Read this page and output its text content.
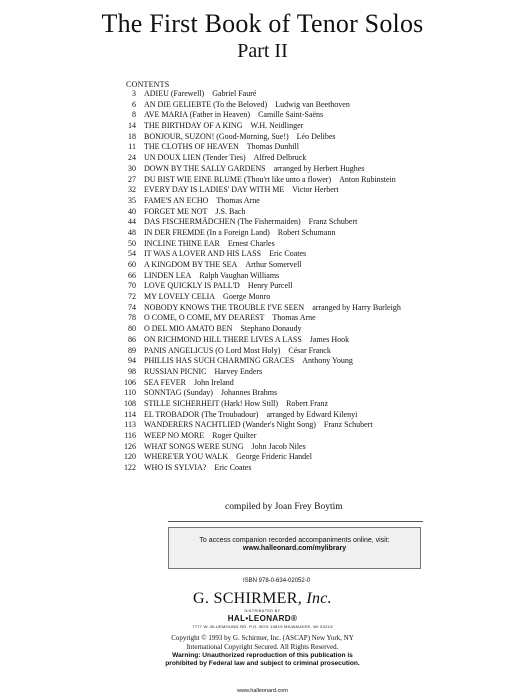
The First Book of Tenor Solos
Part II
CONTENTS
3	ADIEU (Farewell) Gabriel Fauré
6	AN DIE GELIEBTE (To the Beloved) Ludwig van Beethoven
8	AVE MARIA (Father in Heaven) Camille Saint-Saëns
14	THE BIRTHDAY OF A KING W.H. Neidlinger
18	BONJOUR, SUZON! (Good-Morning, Sue!) Léo Delibes
11	THE CLOTHS OF HEAVEN Thomas Dunhill
24	UN DOUX LIEN (Tender Ties) Alfred Delbruck
30	DOWN BY THE SALLY GARDENS arranged by Herbert Hughes
27	DU BIST WIE EINE BLUME (Thou'rt like unto a flower) Anton Rubinstein
32	EVERY DAY IS LADIES' DAY WITH ME Victor Herbert
35	FAME'S AN ECHO Thomas Arne
40	FORGET ME NOT J.S. Bach
44	DAS FISCHERMÄDCHEN (The Fishermaiden) Franz Schubert
48	IN DER FREMDE (In a Foreign Land) Robert Schumann
50	INCLINE THINE EAR Ernest Charles
54	IT WAS A LOVER AND HIS LASS Eric Coates
60	A KINGDOM BY THE SEA Arthur Somervell
66	LINDEN LEA Ralph Vaughan Williams
70	LOVE QUICKLY IS PALL'D Henry Purcell
72	MY LOVELY CELIA Goerge Monro
74	NOBODY KNOWS THE TROUBLE I'VE SEEN arranged by Harry Burleigh
78	O COME, O COME, MY DEAREST Thomas Arne
80	O DEL MIO AMATO BEN Stephano Donaudy
86	ON RICHMOND HILL THERE LIVES A LASS James Hook
89	PANIS ANGELICUS (O Lord Most Holy) César Franck
94	PHILLIS HAS SUCH CHARMING GRACES Anthony Young
98	RUSSIAN PICNIC Harvey Enders
106	SEA FEVER John Ireland
110	SONNTAG (Sunday) Johannes Brahms
108	STILLE SICHERHEIT (Hark! How Still) Robert Franz
114	EL TROBADOR (The Troubadour) arranged by Edward Kilenyi
113	WANDERERS NACHTLIED (Wander's Night Song) Franz Schubert
116	WEEP NO MORE Roger Quilter
126	WHAT SONGS WERE SUNG John Jacob Niles
120	WHERE'ER YOU WALK George Frideric Handel
122	WHO IS SYLVIA? Eric Coates
compiled by Joan Frey Boytim
To access companion recorded accompaniments online, visit:
www.halleonard.com/mylibrary
ISBN 978-0-634-02052-0
G. SCHIRMER, Inc.
DISTRIBUTED BY
HAL•LEONARD®
7777 W. BLUEMOUND RD. P.O. BOX 13819 MILWAUKEE, WI 53213
Copyright © 1993 by G. Schirmer, Inc. (ASCAP) New York, NY
International Copyright Secured. All Rights Reserved.
Warning: Unauthorized reproduction of this publication is
prohibited by Federal law and subject to criminal prosecution.
www.halleonard.com
